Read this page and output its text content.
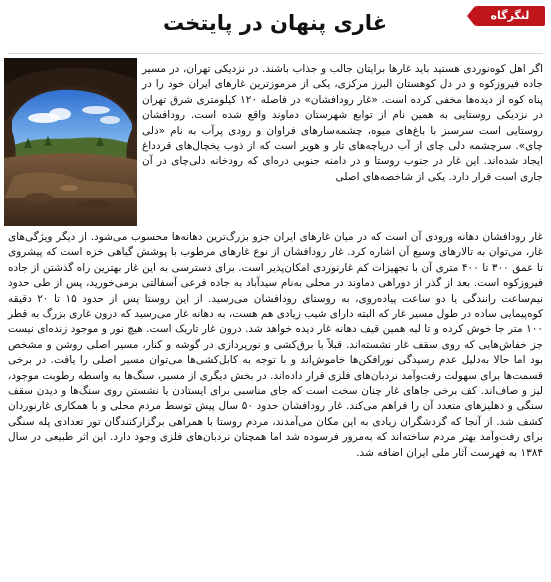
غاری پنهان در پایتخت	لنگرگاه

اگر اهل کوه‌نوردی هستید باید غارها برایتان جالب و جذاب باشند. در نزدیکی تهران، در مسیر جاده فیروزکوه و در دل کوهستان البرز مرکزی، یکی از مرموزترین غارهای ایران خود را در پناه کوه از دیده‌ها مخفی کرده است. «غار رودافشان» در فاصله ۱۲۰ کیلومتری شرق تهران در نزدیکی روستایی به همین نام از توابع شهرستان دماوند واقع شده است. رودافشان روستایی است سرسبز با باغ‌های میوه، چشمه‌سارهای فراوان و رودی پرآب به نام «دلی چای». سرچشمه دلی چای از آب دریاچه‌های تار و هویر است که از ذوب یخچال‌های قردداغ ایجاد شده‌اند. این غار در جنوب روستا و در دامنه جنوبی دره‌ای که رودخانه دلی‌چای در آن جاری است قرار دارد. یکی از شاخصه‌های اصلی

غار رودافشان دهانه ورودی آن است که در میان غارهای ایران جزو بزرگ‌ترین دهانه‌ها محسوب می‌شود. از دیگر ویژگی‌های غار، می‌توان به تالارهای وسیع آن اشاره کرد. غار رودافشان از نوع غارهای مرطوب با پوشش گیاهی خزه است که پیشروی تا عمق ۳۰۰ تا ۴۰۰ متری آن با تجهیزات کم غارنوردی امکان‌پذیر است. برای دسترسی به این غار بهترین راه گذشتن از جاده فیروزکوه است. بعد از گذر از دوراهی دماوند در محلی به‌نام سیدآباد به جاده فرعی آسفالتی برمی‌خورید، پس از طی حدود نیم‌ساعت رانندگی یا دو ساعت پیاده‌روی، به روستای رودافشان می‌رسید. از این روستا پس از حدود ۱۵ تا ۲۰ دقیقه کوه‌پیمایی ساده در طول مسیر غار که البته دارای شیب زیادی هم هست، به دهانه غار می‌رسید که درون غاری بزرگ به قطر ۱۰۰ متر جا خوش کرده و تا لبه همین قیف دهانه غار دیده خواهد شد. درون غار تاریک است. هیچ نور و موجود زنده‌ای نیست جز خفاش‌هایی که روی سقف غار نشسته‌اند. قبلاً با برق‌کشی و نورپردازی در گوشه و کنار، مسیر اصلی روشن و مشخص بود اما حالا به‌دلیل عدم رسیدگی نورافکن‌ها خاموش‌اند و با توجه به کابل‌کشی‌ها می‌توان مسیر اصلی را یافت. در برخی قسمت‌ها برای سهولت رفت‌وآمد نردبان‌های فلزی قرار داده‌اند. در بخش دیگری از مسیر، سنگ‌ها به واسطه رطوبت موجود، لیز و صاف‌اند. کف برخی جاهای غار چنان سخت است که جای مناسبی برای ایستادن یا نشستن روی سنگ‌ها و دیدن سقف سنگی و دهلیزهای متعدد آن را فراهم می‌کند. غار رودافشان حدود ۵۰ سال پیش توسط مردم محلی و با همکاری غارنوردان کشف شد. از آنجا که گردشگران زیادی به این مکان می‌آمدند، مردم روستا با همراهی برگزارکنندگان تور تعدادی پله سنگی برای رفت‌وآمد بهتر مردم ساخته‌اند که به‌مرور فرسوده شد اما همچنان نردبان‌های فلزی وجود دارد. این اثر طبیعی در سال ۱۳۸۴ به فهرست آثار ملی ایران اضافه شد.
